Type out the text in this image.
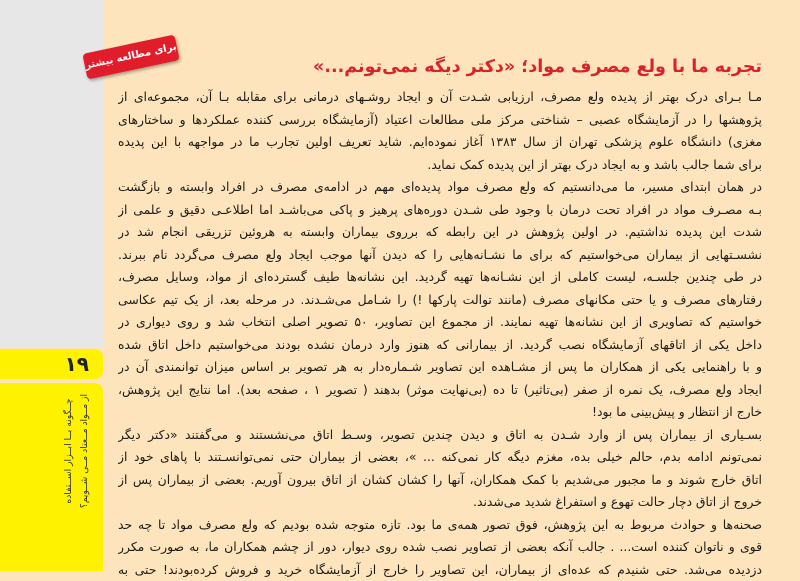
۱۹
چــگونه بــا ابــزار اســتفاده از مــواد مــعتاد مــی شــویم؟
برای مطالعه بیشتر	تجربه ما با ولع مصرف مواد؛ «دکتر دیگه نمی‌تونم...»
مـا بـرای درک بهتر از پدیده ولع مصرف، ارزیابی شـدت آن و ایجاد روشـهای درمانی برای مقابله بـا آن، مجموعه‌ای از
پژوهشها را در آزمایشگاه عصبی – شناختی مرکز ملی مطالعات اعتیاد (آزمایشگاه بررسی کننده عملکردها و ساختارهای
مغزی) دانشگاه علوم پزشکی تهران از سال ۱۳۸۳ آغاز نموده‌ایم. شاید تعریف اولین تجارب ما در مواجهه با این پدیده
برای شما جالب باشد و به ایجاد درک بهتر از این پدیده کمک نماید.
در همان ابتدای مسیر، ما می‌دانستیم که ولع مصرف مواد پدیده‌ای مهم در ادامه‌ی مصرف در افراد وابسته و بازگشت
بـه مصـرف مواد در افراد تحت درمان با وجود طی شـدن دوره‌های پرهیز و پاکی می‌باشـد اما اطلاعـی دقیق و علمی از
شدت این پدیده نداشتیم. در اولین پژوهش در این رابطه که برروی بیماران وابسته به هروئین تزریقی انجام شد در
نشسـتهایی از بیماران می‌خواستیم که برای ما نشـانه‌هایی را که دیدن آنها موجب ایجاد ولع مصرف می‌گردد نام ببرند.
در طی چندین جلسـه، لیست کاملی از این نشـانه‌ها تهیه گردید. این نشانه‌ها طیف گسترده‌ای از مواد، وسایل مصرف،
رفتارهای مصرف و یا حتی مکانهای مصرف (مانند توالت پارکها !) را شـامل می‌شـدند. در مرحله بعد، از یک تیم عکاسی
خواستیم که تصاویری از این نشانه‌ها تهیه نمایند. از مجموع این تصاویر، ۵۰ تصویر اصلی انتخاب شد و روی دیواری در
داخل یکی از اتاقهای آزمایشگاه نصب گردید. از بیمارانی که هنوز وارد درمان نشده بودند می‌خواستیم داخل اتاق شده
و با راهنمایی یکی از همکاران ما پس از مشـاهده این تصاویر شـماره‌دار به هر تصویر بر اساس میزان توانمندی آن در
ایجاد ولع مصرف، یک نمره از صفر (بی‌تاثیر) تا ده (بی‌نهایت موثر) بدهند ( تصویر ۱ ، صفحه بعد). اما نتایج این پژوهش،
خارج از انتظار و پیش‌بینی ما بود!
بسـیاری از بیماران پس از وارد شـدن به اتاق و دیدن چندین تصویر، وسـط اتاق می‌نشستند و می‌گفتند «دکتر دیگر
نمی‌تونم ادامه بدم، حالم خیلی بده، مغزم دیگه کار نمی‌کنه ... »، بعضی از بیماران حتی نمی‌توانسـتند با پاهای خود از
اتاق خارج شوند و ما مجبور می‌شدیم با کمک همکاران، آنها را کشان کشان از اتاق بیرون آوریم. بعضی از بیماران پس از
خروج از اتاق دچار حالت تهوع و استفراغ شدید می‌شدند.
صحنه‌ها و حوادث مربوط به این پژوهش، فوق تصور همه‌ی ما بود. تازه متوجه شده بودیم که ولع مصرف مواد تا چه حد
قوی و ناتوان کننده است... . جالب آنکه بعضی از تصاویر نصب شده روی دیوار، دور از چشم همکاران ما، به صورت مکرر
دزدیده می‌شد. حتی شنیدم که عده‌ای از بیماران، این تصاویر را خارج از آزمایشگاه خرید و فروش کرده‌بودند! حتی به
